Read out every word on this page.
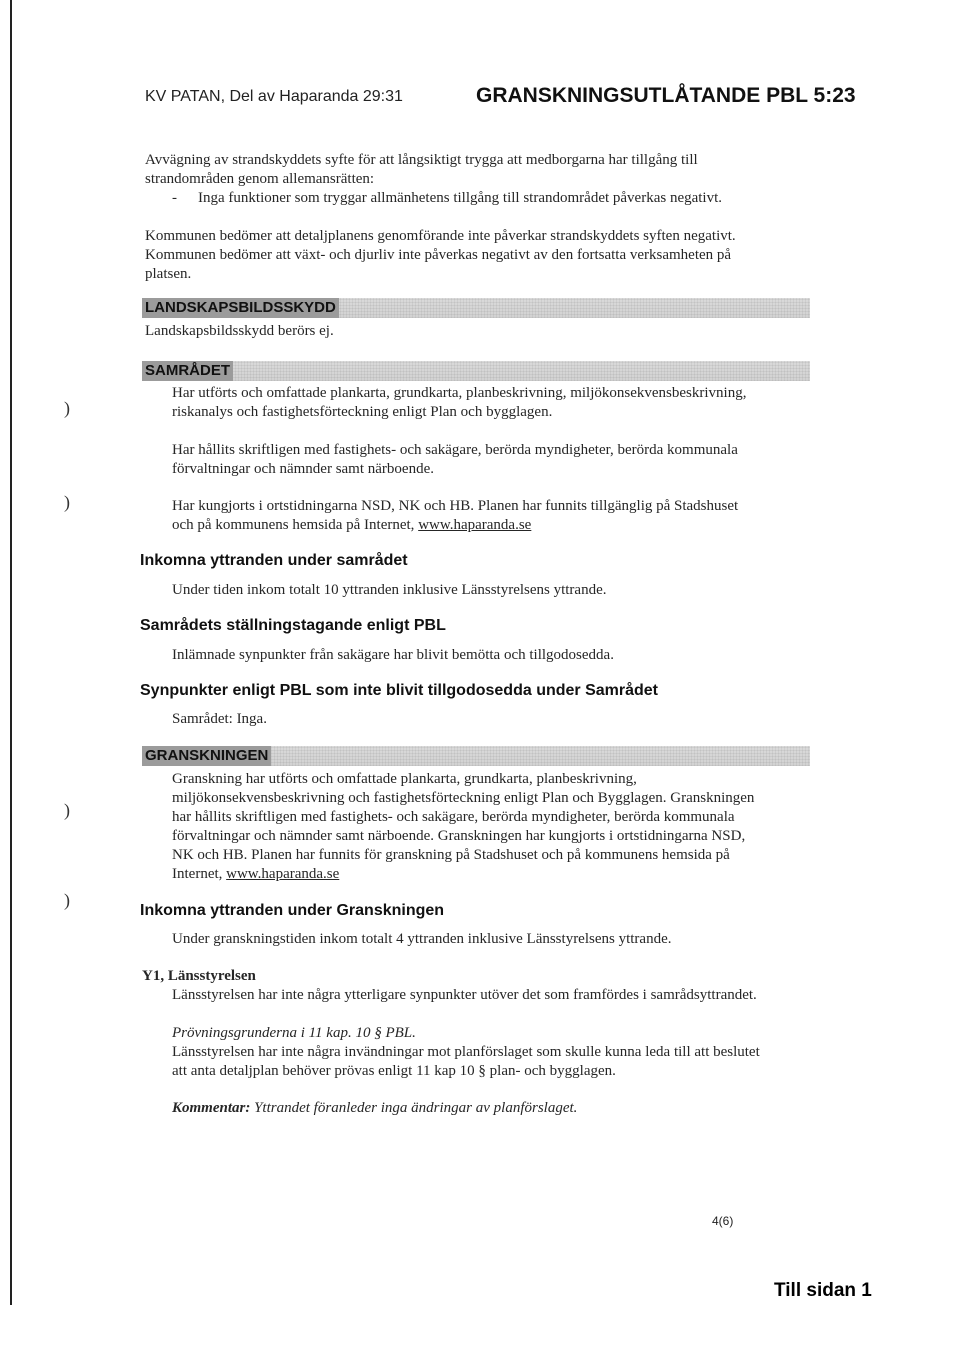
KV PATAN, Del av Haparanda 29:31	GRANSKNINGSUTLÅTANDE PBL 5:23
Avvägning av strandskyddets syfte för att långsiktigt trygga att medborgarna har tillgång till
strandområden genom allemansrätten:
- Inga funktioner som tryggar allmänhetens tillgång till strandområdet påverkas negativt.
Kommunen bedömer att detaljplanens genomförande inte påverkar strandskyddets syften negativt.
Kommunen bedömer att växt- och djurliv inte påverkas negativt av den fortsatta verksamheten på
platsen.
LANDSKAPSBILDSSKYDD
Landskapsbildsskydd berörs ej.
SAMRÅDET
Har utförts och omfattade plankarta, grundkarta, planbeskrivning, miljökonsekvensbeskrivning,
riskanalys och fastighetsförteckning enligt Plan och bygglagen.
Har hållits skriftligen med fastighets- och sakägare, berörda myndigheter, berörda kommunala
förvaltningar och nämnder samt närboende.
Har kungjorts i ortstidningarna NSD, NK och HB. Planen har funnits tillgänglig på Stadshuset
och på kommunens hemsida på Internet, www.haparanda.se
Inkomna yttranden under samrådet
Under tiden inkom totalt 10 yttranden inklusive Länsstyrelsens yttrande.
Samrådets ställningstagande enligt PBL
Inlämnade synpunkter från sakägare har blivit bemötta och tillgodosedda.
Synpunkter enligt PBL som inte blivit tillgodosedda under Samrådet
Samrådet: Inga.
GRANSKNINGEN
Granskning har utförts och omfattade plankarta, grundkarta, planbeskrivning,
miljökonsekvensbeskrivning och fastighetsförteckning enligt Plan och Bygglagen. Granskningen
har hållits skriftligen med fastighets- och sakägare, berörda myndigheter, berörda kommunala
förvaltningar och nämnder samt närboende. Granskningen har kungjorts i ortstidningarna NSD,
NK och HB. Planen har funnits för granskning på Stadshuset och på kommunens hemsida på
Internet, www.haparanda.se
Inkomna yttranden under Granskningen
Under granskningstiden inkom totalt 4 yttranden inklusive Länsstyrelsens yttrande.
Y1, Länsstyrelsen
Länsstyrelsen har inte några ytterligare synpunkter utöver det som framfördes i samrådsyttrandet.
Prövningsgrunderna i 11 kap. 10 § PBL.
Länsstyrelsen har inte några invändningar mot planförslaget som skulle kunna leda till att beslutet
att anta detaljplan behöver prövas enligt 11 kap 10 § plan- och bygglagen.
Kommentar: Yttrandet föranleder inga ändringar av planförslaget.
)
)
)
)
4(6)
Till sidan 1
